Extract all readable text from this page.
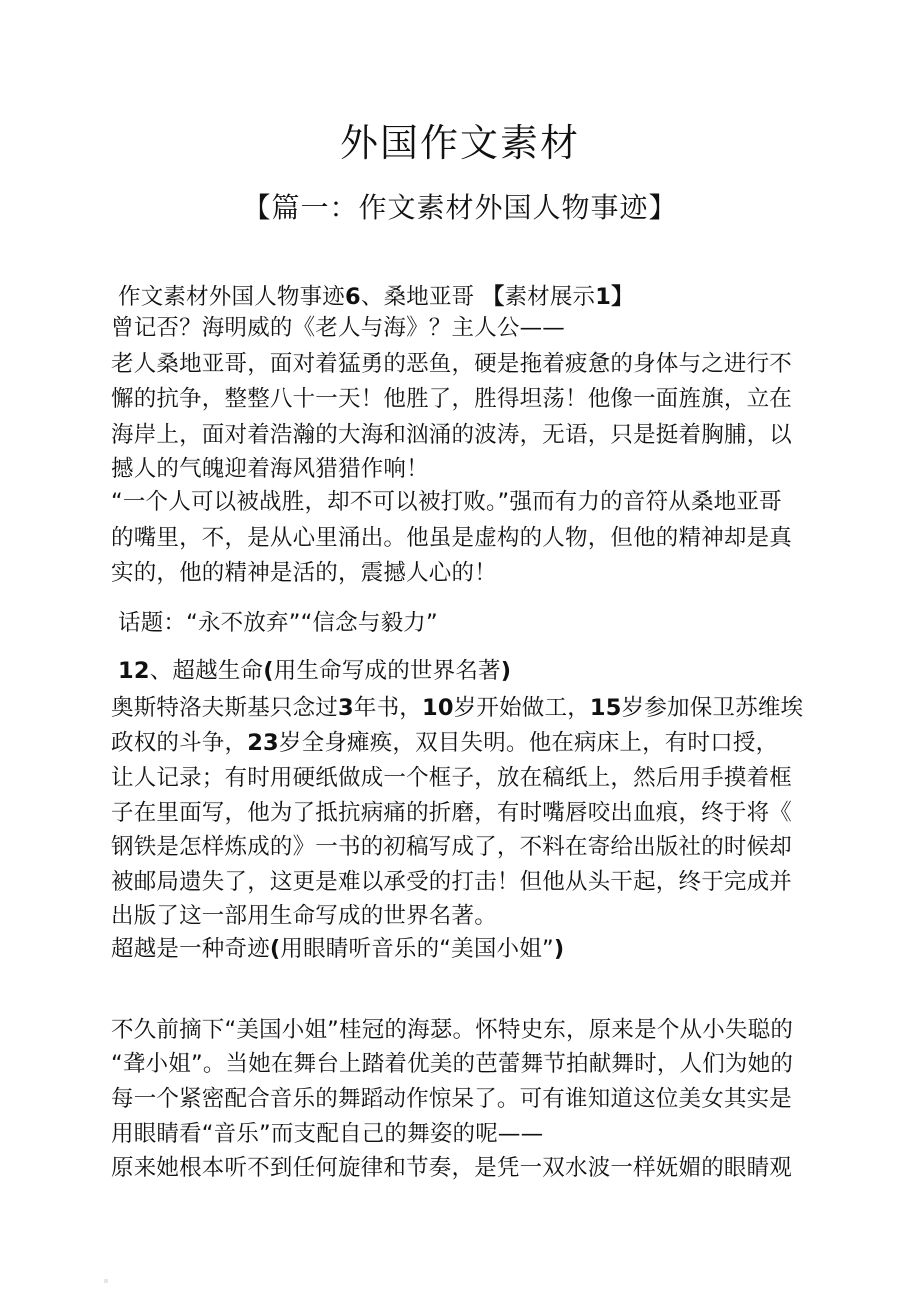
外国作文素材
【篇一：作文素材外国人物事迹】
作文素材外国人物事迹6、桑地亚哥 【素材展示1】
曾记否？海明威的《老人与海》？主人公——
老人桑地亚哥，面对着猛勇的恶鱼，硬是拖着疲惫的身体与之进行不
懈的抗争，整整八十一天！他胜了，胜得坦荡！他像一面旌旗，立在
海岸上，面对着浩瀚的大海和汹涌的波涛，无语，只是挺着胸脯，以
撼人的气魄迎着海风猎猎作响！
“一个人可以被战胜，却不可以被打败。”强而有力的音符从桑地亚哥
的嘴里，不，是从心里涌出。他虽是虚构的人物，但他的精神却是真
实的，他的精神是活的，震撼人心的！
话题：“永不放弃”“信念与毅力”
12、超越生命(用生命写成的世界名著)
奥斯特洛夫斯基只念过3年书，10岁开始做工，15岁参加保卫苏维埃
政权的斗争，23岁全身瘫痪，双目失明。他在病床上，有时口授，
让人记录；有时用硬纸做成一个框子，放在稿纸上，然后用手摸着框
子在里面写，他为了抵抗病痛的折磨，有时嘴唇咬出血痕，终于将《
钢铁是怎样炼成的》一书的初稿写成了，不料在寄给出版社的时候却
被邮局遗失了，这更是难以承受的打击！但他从头干起，终于完成并
出版了这一部用生命写成的世界名著。
超越是一种奇迹(用眼睛听音乐的“美国小姐”)
不久前摘下“美国小姐”桂冠的海瑟。怀特史东，原来是个从小失聪的
“聋小姐”。当她在舞台上踏着优美的芭蕾舞节拍献舞时，人们为她的
每一个紧密配合音乐的舞蹈动作惊呆了。可有谁知道这位美女其实是
用眼睛看“音乐”而支配自己的舞姿的呢——
原来她根本听不到任何旋律和节奏，是凭一双水波一样妩媚的眼睛观
